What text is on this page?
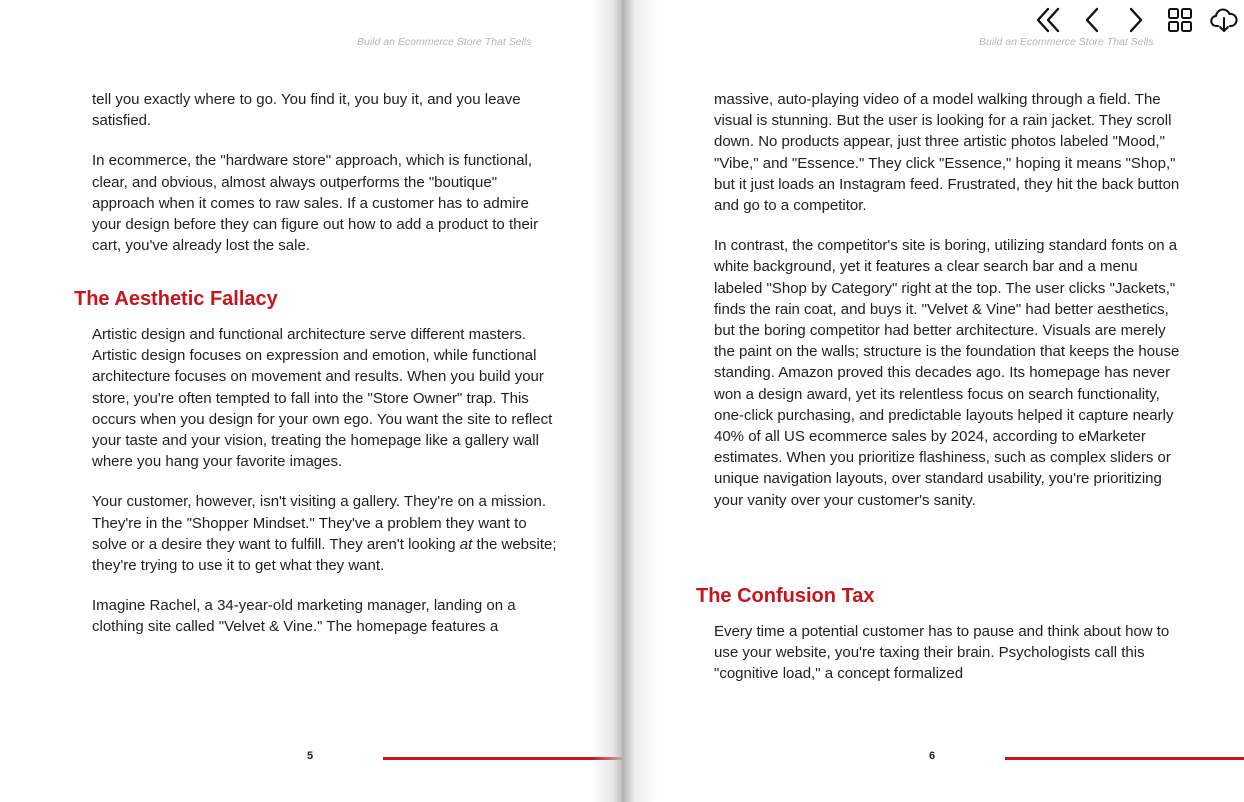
Build an Ecommerce Store That Sells

tell you exactly where to go. You find it, you buy it, and you leave satisfied.

In ecommerce, the "hardware store" approach, which is functional, clear, and obvious, almost always outperforms the "boutique" approach when it comes to raw sales. If a customer has to admire your design before they can figure out how to add a product to their cart, you've already lost the sale.

The Aesthetic Fallacy

Artistic design and functional architecture serve different masters. Artistic design focuses on expression and emotion, while functional architecture focuses on movement and results. When you build your store, you're often tempted to fall into the "Store Owner" trap. This occurs when you design for your own ego. You want the site to reflect your taste and your vision, treating the homepage like a gallery wall where you hang your favorite images.

Your customer, however, isn't visiting a gallery. They're on a mission. They're in the "Shopper Mindset." They've a problem they want to solve or a desire they want to fulfill. They aren't looking at the website; they're trying to use it to get what they want.

Imagine Rachel, a 34-year-old marketing manager, landing on a clothing site called "Velvet & Vine." The homepage features a

5
Build an Ecommerce Store That Sells

massive, auto-playing video of a model walking through a field. The visual is stunning. But the user is looking for a rain jacket. They scroll down. No products appear, just three artistic photos labeled "Mood," "Vibe," and "Essence." They click "Essence," hoping it means "Shop," but it just loads an Instagram feed. Frustrated, they hit the back button and go to a competitor.

In contrast, the competitor's site is boring, utilizing standard fonts on a white background, yet it features a clear search bar and a menu labeled "Shop by Category" right at the top. The user clicks "Jackets," finds the rain coat, and buys it. "Velvet & Vine" had better aesthetics, but the boring competitor had better architecture. Visuals are merely the paint on the walls; structure is the foundation that keeps the house standing. Amazon proved this decades ago. Its homepage has never won a design award, yet its relentless focus on search functionality, one-click purchasing, and predictable layouts helped it capture nearly 40% of all US ecommerce sales by 2024, according to eMarketer estimates. When you prioritize flashiness, such as complex sliders or unique navigation layouts, over standard usability, you're prioritizing your vanity over your customer's sanity.

The Confusion Tax

Every time a potential customer has to pause and think about how to use your website, you're taxing their brain. Psychologists call this "cognitive load," a concept formalized

6
